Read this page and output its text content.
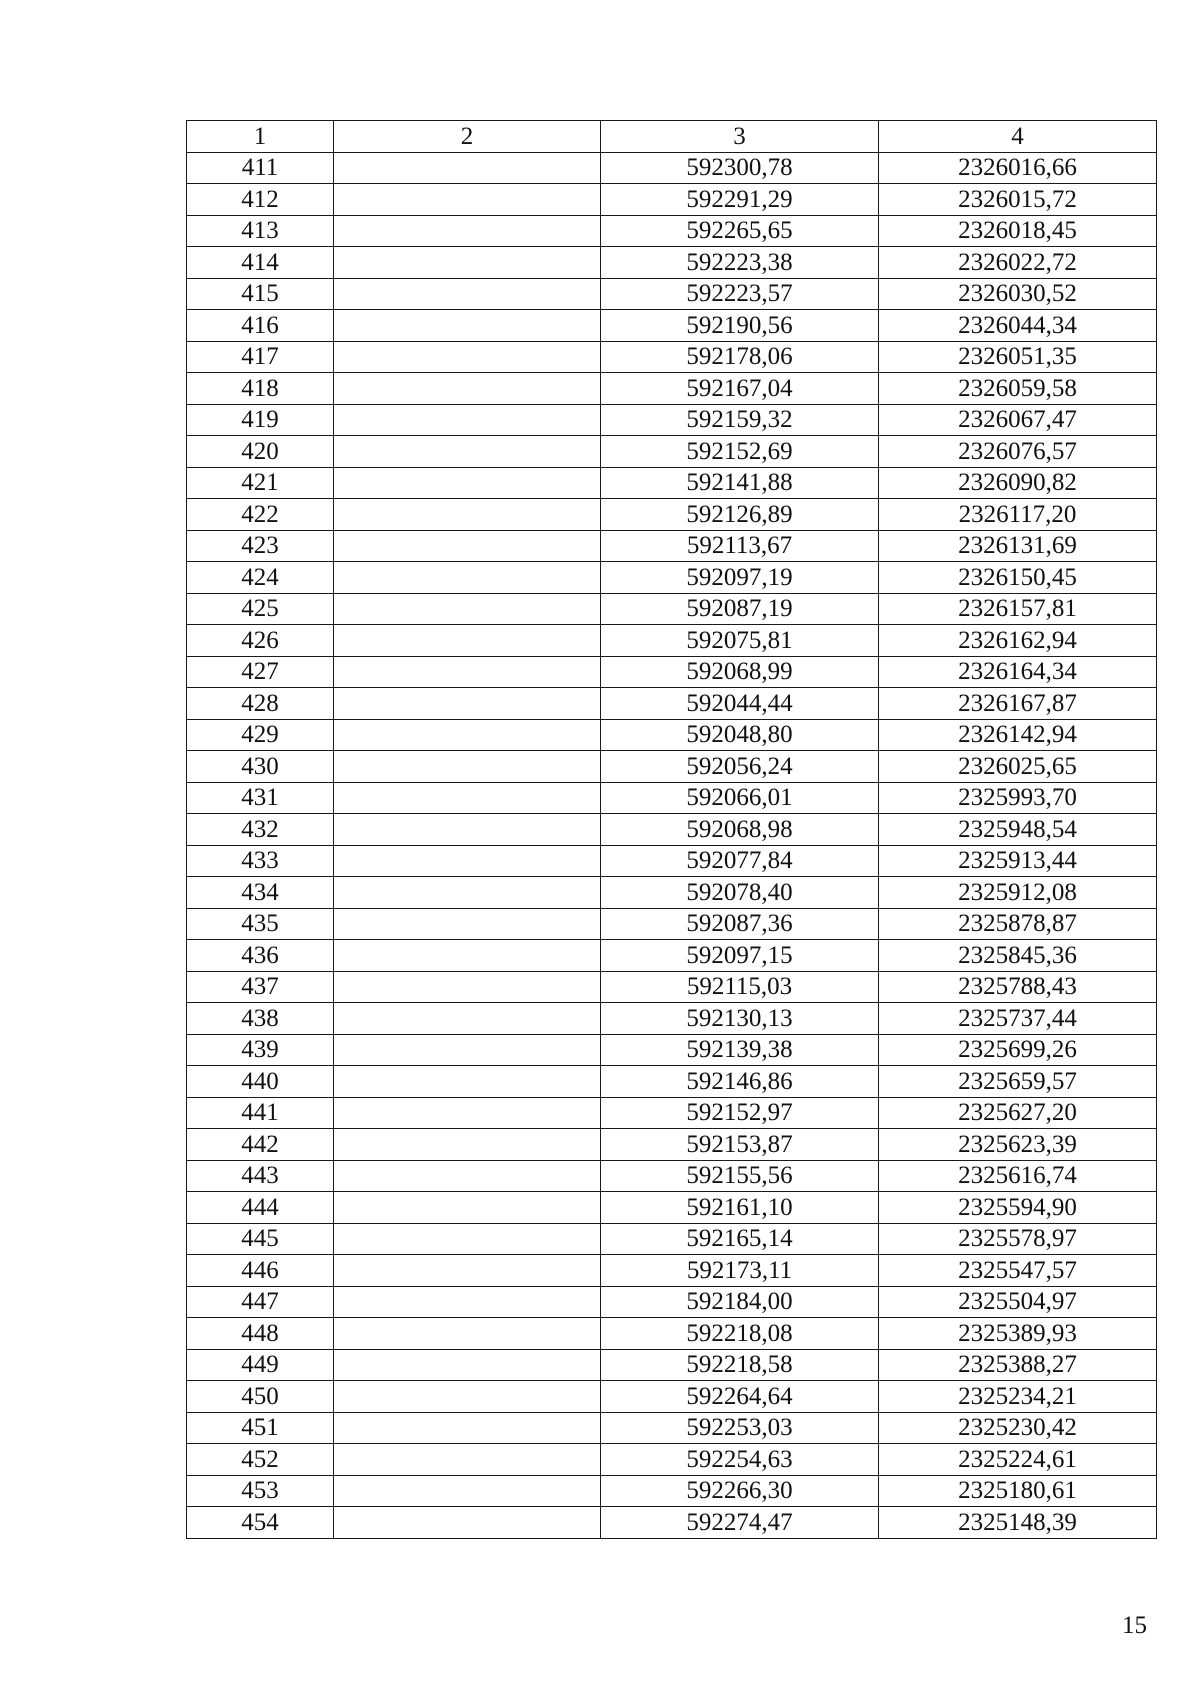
1	2	3	4
411		592300,78	2326016,66
412		592291,29	2326015,72
413		592265,65	2326018,45
414		592223,38	2326022,72
415		592223,57	2326030,52
416		592190,56	2326044,34
417		592178,06	2326051,35
418		592167,04	2326059,58
419		592159,32	2326067,47
420		592152,69	2326076,57
421		592141,88	2326090,82
422		592126,89	2326117,20
423		592113,67	2326131,69
424		592097,19	2326150,45
425		592087,19	2326157,81
426		592075,81	2326162,94
427		592068,99	2326164,34
428		592044,44	2326167,87
429		592048,80	2326142,94
430		592056,24	2326025,65
431		592066,01	2325993,70
432		592068,98	2325948,54
433		592077,84	2325913,44
434		592078,40	2325912,08
435		592087,36	2325878,87
436		592097,15	2325845,36
437		592115,03	2325788,43
438		592130,13	2325737,44
439		592139,38	2325699,26
440		592146,86	2325659,57
441		592152,97	2325627,20
442		592153,87	2325623,39
443		592155,56	2325616,74
444		592161,10	2325594,90
445		592165,14	2325578,97
446		592173,11	2325547,57
447		592184,00	2325504,97
448		592218,08	2325389,93
449		592218,58	2325388,27
450		592264,64	2325234,21
451		592253,03	2325230,42
452		592254,63	2325224,61
453		592266,30	2325180,61
454		592274,47	2325148,39
15
